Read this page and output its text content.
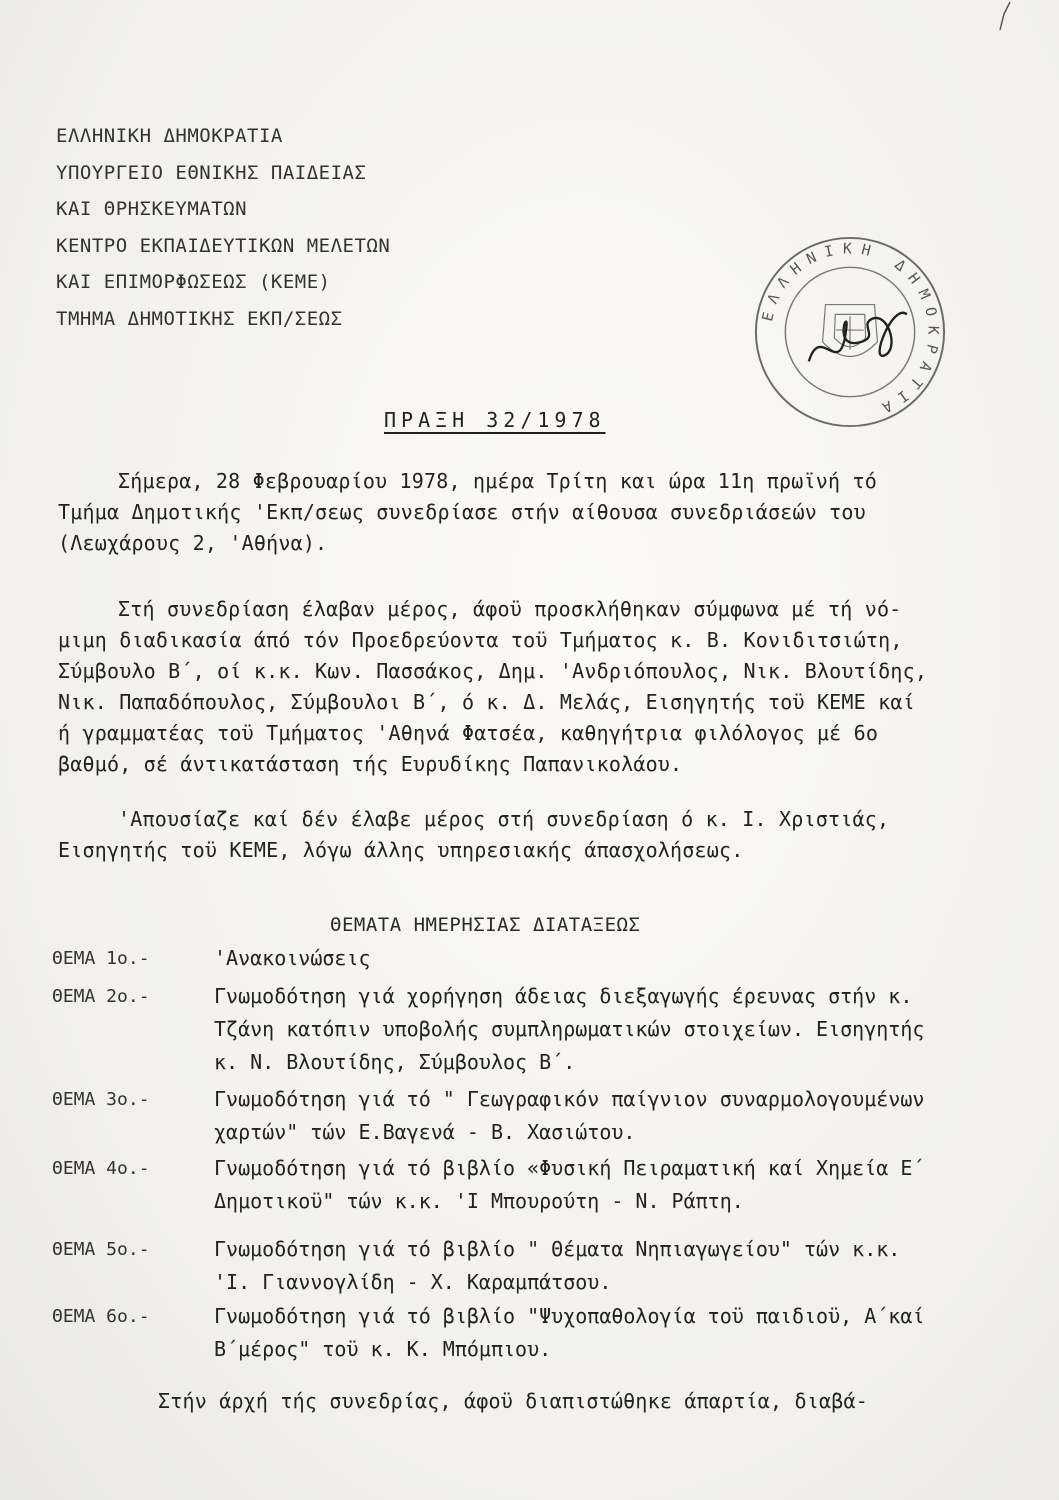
ΕΛΛΗΝΙΚΗ ΔΗΜΟΚΡΑΤΙΑ
ΥΠΟΥΡΓΕΙΟ ΕΘΝΙΚΗΣ ΠΑΙΔΕΙΑΣ
ΚΑΙ ΘΡΗΣΚΕΥΜΑΤΩΝ
ΚΕΝΤΡΟ ΕΚΠΑΙΔΕΥΤΙΚΩΝ ΜΕΛΕΤΩΝ
ΚΑΙ ΕΠΙΜΟΡΦΩΣΕΩΣ (ΚΕΜΕ)
ΤΜΗΜΑ ΔΗΜΟΤΙΚΗΣ ΕΚΠ/ΣΕΩΣ	ΕΛΛΗΝΙΚΗ ΔΗΜΟΚΡΑΤΙΑ
ΠΡΑΞΗ 32/1978
Σήμερα, 28 Φεβρουαρίου 1978, ημέρα Τρίτη και ώρα 11η πρωϊνή τό
Τμήμα Δημοτικής 'Εκπ/σεως συνεδρίασε στήν αίθουσα συνεδριάσεών του
(Λεωχάρους 2, 'Αθήνα).
Στή συνεδρίαση έλαβαν μέρος, άφοϋ προσκλήθηκαν σύμφωνα μέ τή νό-
μιμη διαδικασία άπό τόν Προεδρεύοντα τοϋ Τμήματος κ. Β. Κονιδιτσιώτη,
Σύμβουλο Β΄, οί κ.κ. Κων. Πασσάκος, Δημ. 'Ανδριόπουλος, Νικ. Βλουτίδης,
Νικ. Παπαδόπουλος, Σύμβουλοι Β΄, ό κ. Δ. Μελάς, Εισηγητής τοϋ ΚΕΜΕ καί
ή γραμματέας τοϋ Τμήματος 'Αθηνά Φατσέα, καθηγήτρια φιλόλογος μέ 6ο
βαθμό, σέ άντικατάσταση τής Ευρυδίκης Παπανικολάου.
'Απουσίαζε καί δέν έλαβε μέρος στή συνεδρίαση ό κ. Ι. Χριστιάς,
Εισηγητής τοϋ ΚΕΜΕ, λόγω άλλης υπηρεσιακής άπασχολήσεως.
ΘΕΜΑΤΑ ΗΜΕΡΗΣΙΑΣ ΔΙΑΤΑΞΕΩΣ
ΘΕΜΑ 1ο.-	'Ανακοινώσεις
ΘΕΜΑ 2ο.-	Γνωμοδότηση γιά χορήγηση άδειας διεξαγωγής έρευνας στήν κ.
Τζάνη κατόπιν υποβολής συμπληρωματικών στοιχείων. Εισηγητής
κ. Ν. Βλουτίδης, Σύμβουλος Β΄.
ΘΕΜΑ 3ο.-	Γνωμοδότηση γιά τό " Γεωγραφικόν παίγνιον συναρμολογουμένων
χαρτών" τών Ε.Βαγενά - Β. Χασιώτου.
ΘΕΜΑ 4ο.-	Γνωμοδότηση γιά τό βιβλίο «Φυσική Πειραματική καί Χημεία Ε΄
Δημοτικοϋ" τών κ.κ. 'Ι Μπουρούτη - Ν. Ράπτη.
ΘΕΜΑ 5ο.-	Γνωμοδότηση γιά τό βιβλίο " Θέματα Νηπιαγωγείου" τών κ.κ.
'Ι. Γιαννογλίδη - Χ. Καραμπάτσου.
ΘΕΜΑ 6ο.-	Γνωμοδότηση γιά τό βιβλίο "Ψυχοπαθολογία τοϋ παιδιοϋ, Α΄καί
Β΄μέρος" τοϋ κ. Κ. Μπόμπιου.
Στήν άρχή τής συνεδρίας, άφοϋ διαπιστώθηκε άπαρτία, διαβά-
